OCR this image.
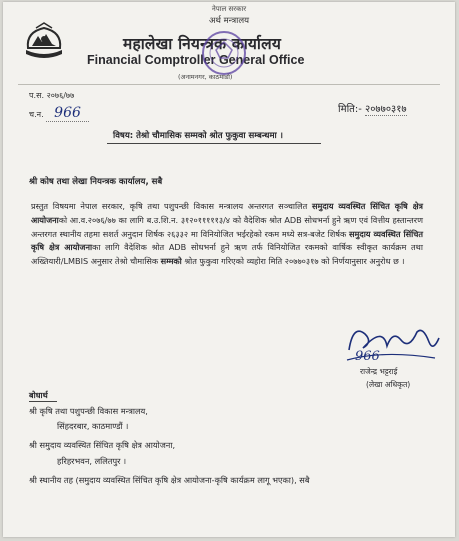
नेपाल सरकार
अर्थ मन्त्रालय
महालेखा नियन्त्रक कार्यालय
Financial Comptroller General Office
(अनामनगर, काठमाडौं)
प.स. २०७६/७७
च.न. 966	मिति:- २०७७०३१७
विषय: तेश्रो चौमासिक सम्मको श्रोत फुकुवा सम्बन्धमा ।
श्री कोष तथा लेखा नियन्त्रक कार्यालय, सबै
प्रस्तुत विषयमा नेपाल सरकार, कृषि तथा पशुपन्छी विकास मन्त्रालय अन्तरगत सञ्चालित समुदाय व्यवस्थित सिंचित कृषि क्षेत्र आयोजनाको आ.व.२०७६/७७ का लागि ब.उ.शि.न. ३१२०१११११३/४ को वैदेशिक श्रोत ADB सोधभर्ना हुने ऋण एवं वित्तीय हस्तान्तरण अन्तरगत स्थानीय तहमा सशर्त अनुदान शिर्षक २६३३२ मा विनियोजित भईरहेको रकम मध्ये सत्र-बजेट शिर्षक समुदाय व्यवस्थित सिंचित कृषि क्षेत्र आयोजनाका लागि वैदेशिक श्रोत ADB सोधभर्ना हुने ऋण तर्फ विनियोजित रकमको वार्षिक स्वीकृत कार्यक्रम तथा अख्तियारी/LMBIS अनुसार तेश्रो चौमासिक सम्मको श्रोत फुकुवा गरिएको व्यहोरा मिति २०७७०३१७ को निर्णयानुसार अनुरोध छ ।
966
राजेन्द्र भट्टराई
(लेखा अधिकृत)
बोधार्थ
श्री कृषि तथा पशुपन्छी विकास मन्त्रालय,
सिंहदरबार, काठमाण्डौं ।
श्री समुदाय व्यवस्थित सिंचित कृषि क्षेत्र आयोजना,
हरिहरभवन, ललितपुर ।
श्री स्थानीय तह (समुदाय व्यवस्थित सिंचित कृषि क्षेत्र आयोजना-कृषि कार्यक्रम लागू भएका), सबै
